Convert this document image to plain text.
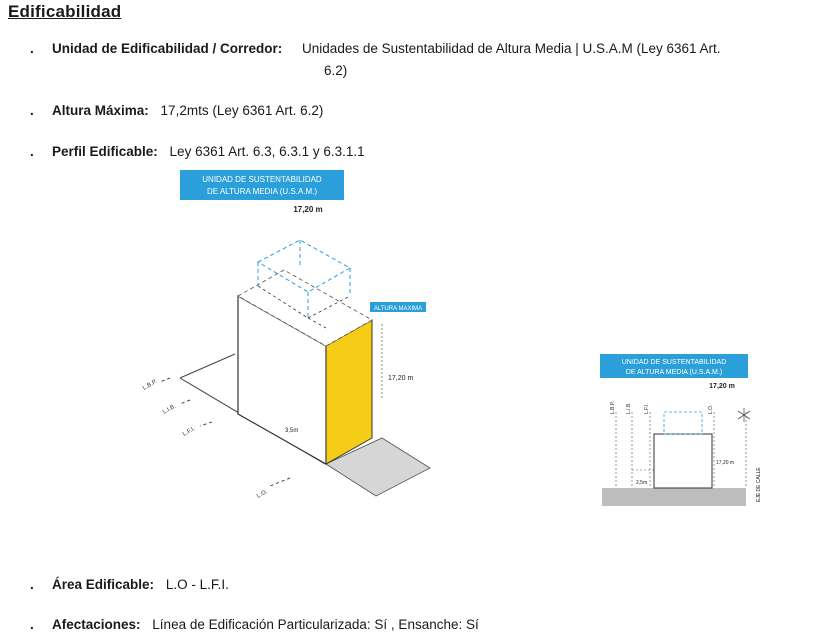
Edificabilidad
. Unidad de Edificabilidad / Corredor: Unidades de Sustentabilidad de Altura Media | U.S.A.M (Ley 6361 Art.
6.2)
. Altura Máxima: 17,2mts (Ley 6361 Art. 6.2)
. Perfil Edificable: Ley 6361 Art. 6.3, 6.3.1 y 6.3.1.1
UNIDAD DE SUSTENTABILIDAD
DE ALTURA MEDIA (U.S.A.M.)
17,20 m
ALTURA MAXIMA
17,20 m
3,5m
L.B.P.
L.I.B.
L.F.I.
L.O.
UNIDAD DE SUSTENTABILIDAD
DE ALTURA MEDIA (U.S.A.M.)
17,20 m
L.B.P. L.I.B. L.F.I.	L.O.
17,20 m
2,5m	EJE DE CALLE
. Área Edificable: L.O - L.F.I.
. Afectaciones: Línea de Edificación Particularizada: Sí , Ensanche: Sí
